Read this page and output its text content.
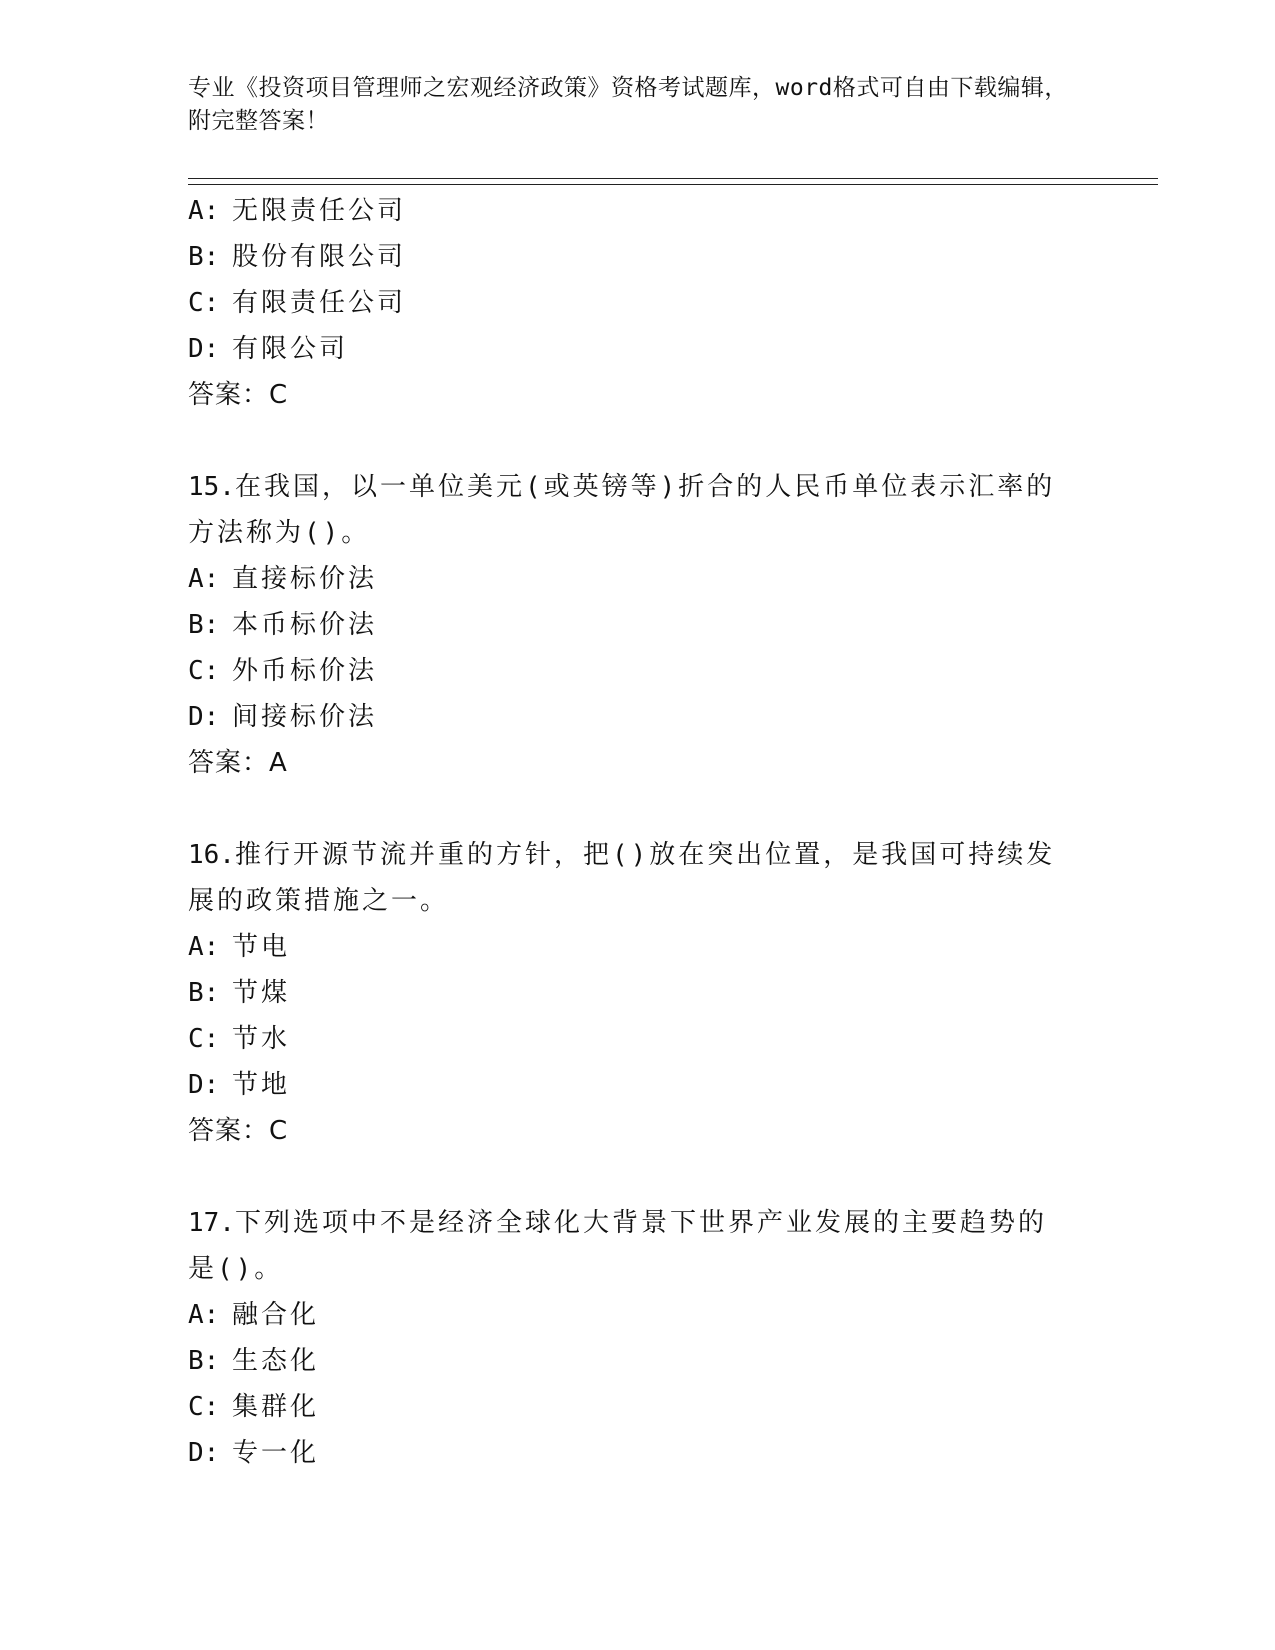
专业《投资项目管理师之宏观经济政策》资格考试题库，word格式可自由下载编辑，附完整答案！
A: 无限责任公司
B: 股份有限公司
C: 有限责任公司
D: 有限公司
答案：C
15.在我国，以一单位美元(或英镑等)折合的人民币单位表示汇率的方法称为()。
A: 直接标价法
B: 本币标价法
C: 外币标价法
D: 间接标价法
答案：A
16.推行开源节流并重的方针，把()放在突出位置，是我国可持续发展的政策措施之一。
A: 节电
B: 节煤
C: 节水
D: 节地
答案：C
17.下列选项中不是经济全球化大背景下世界产业发展的主要趋势的是()。
A: 融合化
B: 生态化
C: 集群化
D: 专一化
